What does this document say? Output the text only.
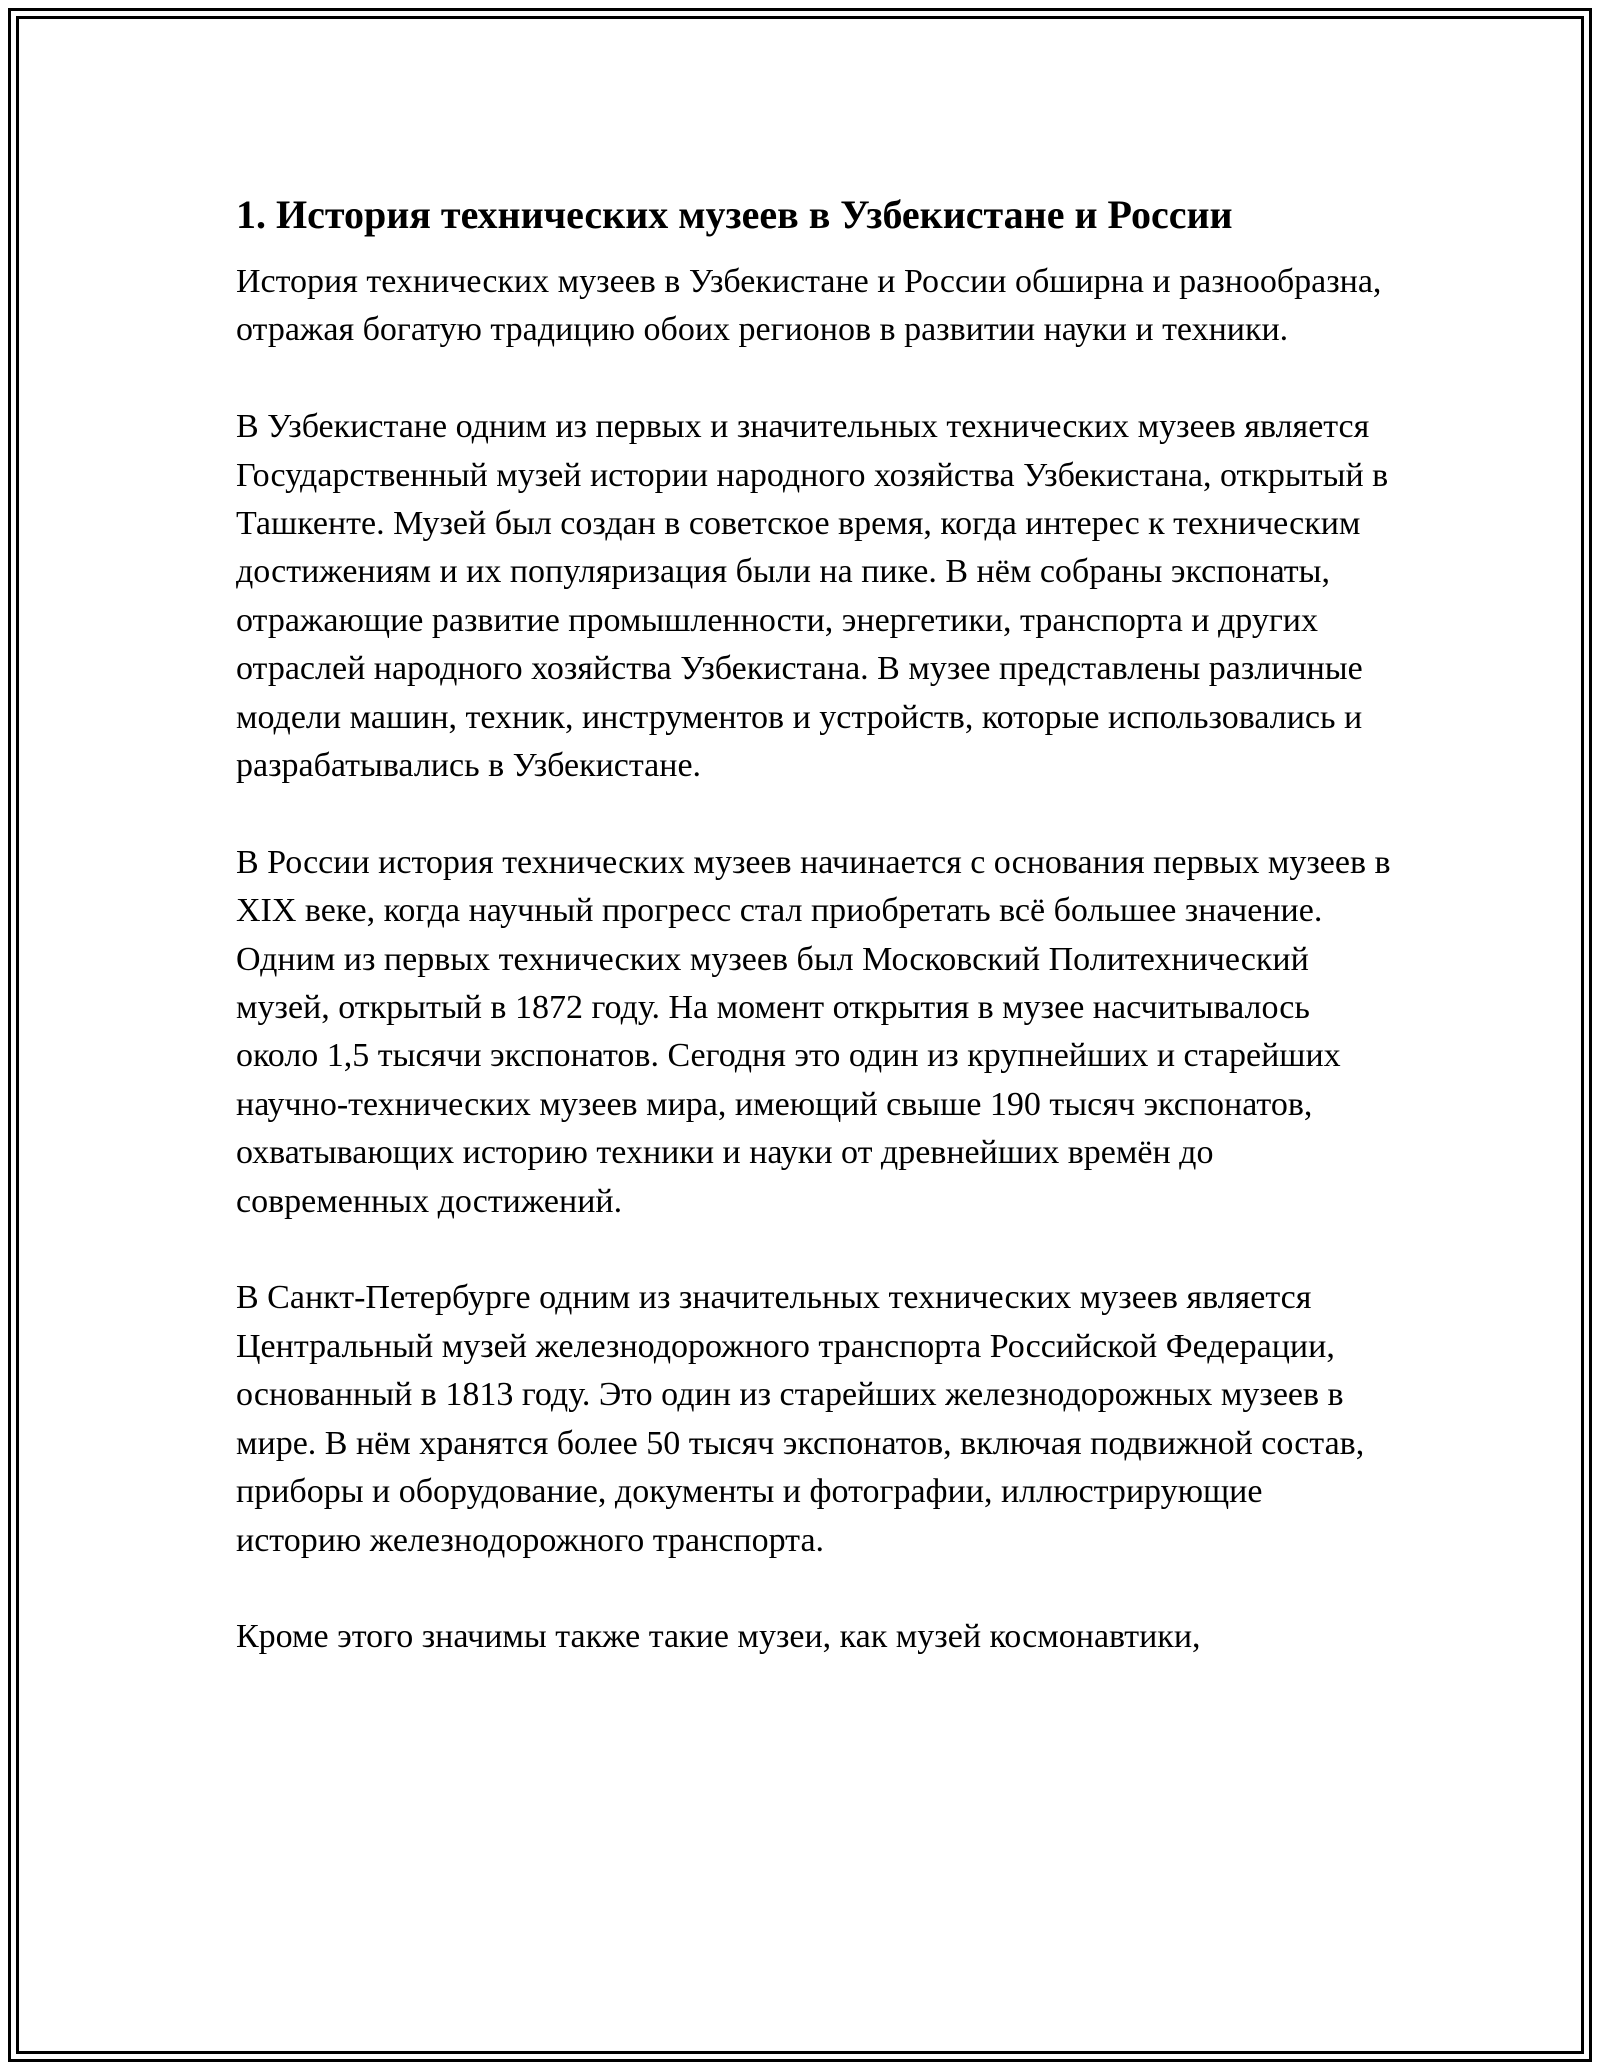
1. История технических музеев в Узбекистане и России

История технических музеев в Узбекистане и России обширна и разнообразна, отражая богатую традицию обоих регионов в развитии науки и техники.

В Узбекистане одним из первых и значительных технических музеев является Государственный музей истории народного хозяйства Узбекистана, открытый в Ташкенте. Музей был создан в советское время, когда интерес к техническим достижениям и их популяризация были на пике. В нём собраны экспонаты, отражающие развитие промышленности, энергетики, транспорта и других отраслей народного хозяйства Узбекистана. В музее представлены различные модели машин, техник, инструментов и устройств, которые использовались и разрабатывались в Узбекистане.

В России история технических музеев начинается с основания первых музеев в XIX веке, когда научный прогресс стал приобретать всё большее значение. Одним из первых технических музеев был Московский Политехнический музей, открытый в 1872 году. На момент открытия в музее насчитывалось около 1,5 тысячи экспонатов. Сегодня это один из крупнейших и старейших научно-технических музеев мира, имеющий свыше 190 тысяч экспонатов, охватывающих историю техники и науки от древнейших времён до современных достижений.

В Санкт-Петербурге одним из значительных технических музеев является Центральный музей железнодорожного транспорта Российской Федерации, основанный в 1813 году. Это один из старейших железнодорожных музеев в мире. В нём хранятся более 50 тысяч экспонатов, включая подвижной состав, приборы и оборудование, документы и фотографии, иллюстрирующие историю железнодорожного транспорта.

Кроме этого значимы также такие музеи, как музей космонавтики,
